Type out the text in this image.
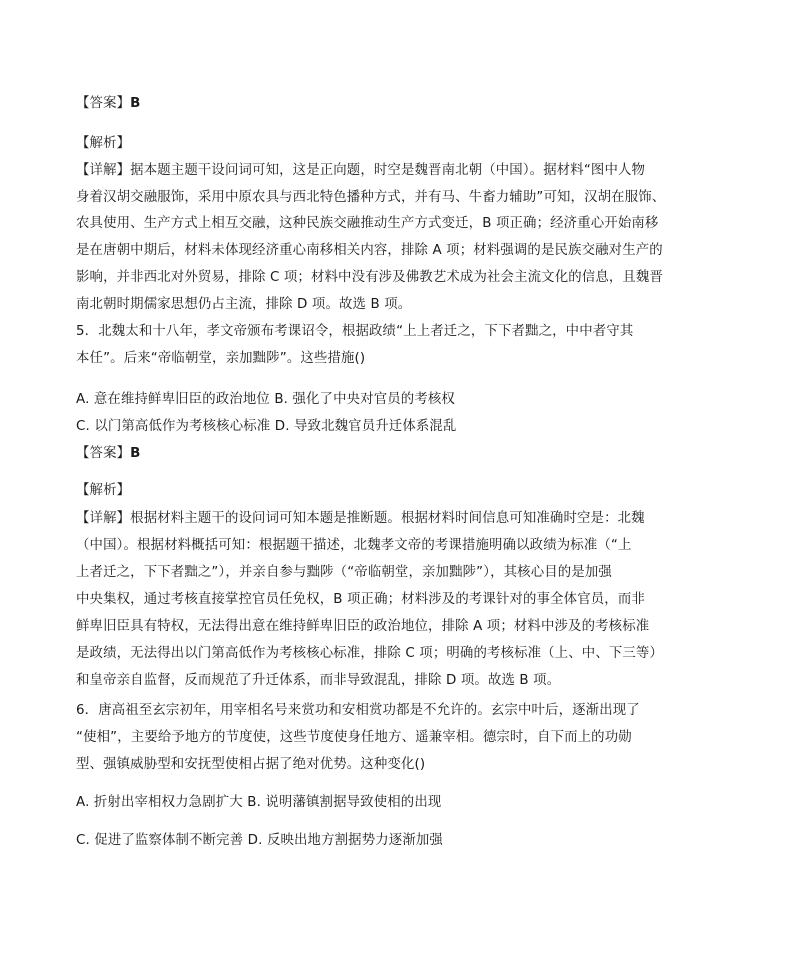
【答案】B
【解析】
【详解】据本题主题干设问词可知，这是正向题，时空是魏晋南北朝（中国）。据材料“图中人物
身着汉胡交融服饰，采用中原农具与西北特色播种方式，并有马、牛畜力辅助”可知，汉胡在服饰、
农具使用、生产方式上相互交融，这种民族交融推动生产方式变迁，B 项正确；经济重心开始南移
是在唐朝中期后，材料未体现经济重心南移相关内容，排除 A 项；材料强调的是民族交融对生产的
影响，并非西北对外贸易，排除 C 项；材料中没有涉及佛教艺术成为社会主流文化的信息，且魏晋
南北朝时期儒家思想仍占主流，排除 D 项。故选 B 项。
5．北魏太和十八年，孝文帝颁布考课诏令，根据政绩“上上者迁之，下下者黜之，中中者守其
本任”。后来“帝临朝堂，亲加黜陟”。这些措施()
A. 意在维持鲜卑旧臣的政治地位 B. 强化了中央对官员的考核权
C. 以门第高低作为考核核心标准 D. 导致北魏官员升迁体系混乱
【答案】B
【解析】
【详解】根据材料主题干的设问词可知本题是推断题。根据材料时间信息可知准确时空是：北魏
（中国）。根据材料概括可知：根据题干描述，北魏孝文帝的考课措施明确以政绩为标准（“上
上者迁之，下下者黜之”），并亲自参与黜陟（“帝临朝堂，亲加黜陟”），其核心目的是加强
中央集权，通过考核直接掌控官员任免权，B 项正确；材料涉及的考课针对的事全体官员，而非
鲜卑旧臣具有特权，无法得出意在维持鲜卑旧臣的政治地位，排除 A 项；材料中涉及的考核标准
是政绩，无法得出以门第高低作为考核核心标准，排除 C 项；明确的考核标准（上、中、下三等）
和皇帝亲自监督，反而规范了升迁体系，而非导致混乱，排除 D 项。故选 B 项。
6．唐高祖至玄宗初年，用宰相名号来赏功和安相赏功都是不允许的。玄宗中叶后，逐渐出现了
“使相”，主要给予地方的节度使，这些节度使身任地方、遥兼宰相。德宗时，自下而上的功勋
型、强镇威胁型和安抚型使相占据了绝对优势。这种变化()
A. 折射出宰相权力急剧扩大 B. 说明藩镇割据导致使相的出现
C. 促进了监察体制不断完善 D. 反映出地方割据势力逐渐加强
